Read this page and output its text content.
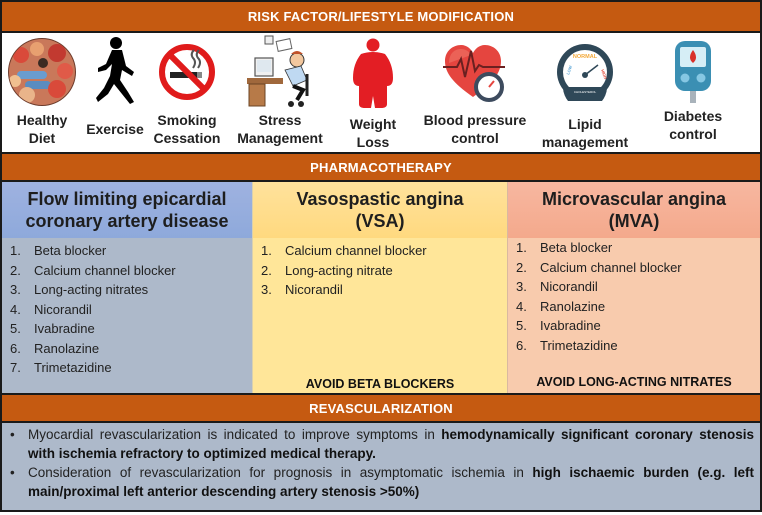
RISK FACTOR/LIFESTYLE MODIFICATION
Healthy
Diet
Exercise
Smoking
Cessation
Stress
Management
Weight
Loss
Blood pressure
control
NORMAL
LOW	HIGH
CHOLESTEROL
Lipid
management
Diabetes
control
PHARMACOTHERAPY
Flow limiting epicardial
coronary artery disease
1.	Beta blocker
2.	Calcium channel blocker
3.	Long-acting nitrates
4.	Nicorandil
5.	Ivabradine
6.	Ranolazine
7.	Trimetazidine
Vasospastic angina
(VSA)
1.	Calcium channel blocker
2.	Long-acting nitrate
3.	Nicorandil
AVOID BETA BLOCKERS
Microvascular angina
(MVA)
1.	Beta blocker
2.	Calcium channel blocker
3.	Nicorandil
4.	Ranolazine
5.	Ivabradine
6.	Trimetazidine
AVOID LONG-ACTING NITRATES
REVASCULARIZATION
• Myocardial revascularization is indicated to improve symptoms in hemodynamically significant coronary stenosis with ischemia refractory to optimized medical therapy.
• Consideration of revascularization for prognosis in asymptomatic ischemia in high ischaemic burden (e.g. left main/proximal left anterior descending artery stenosis >50%)
